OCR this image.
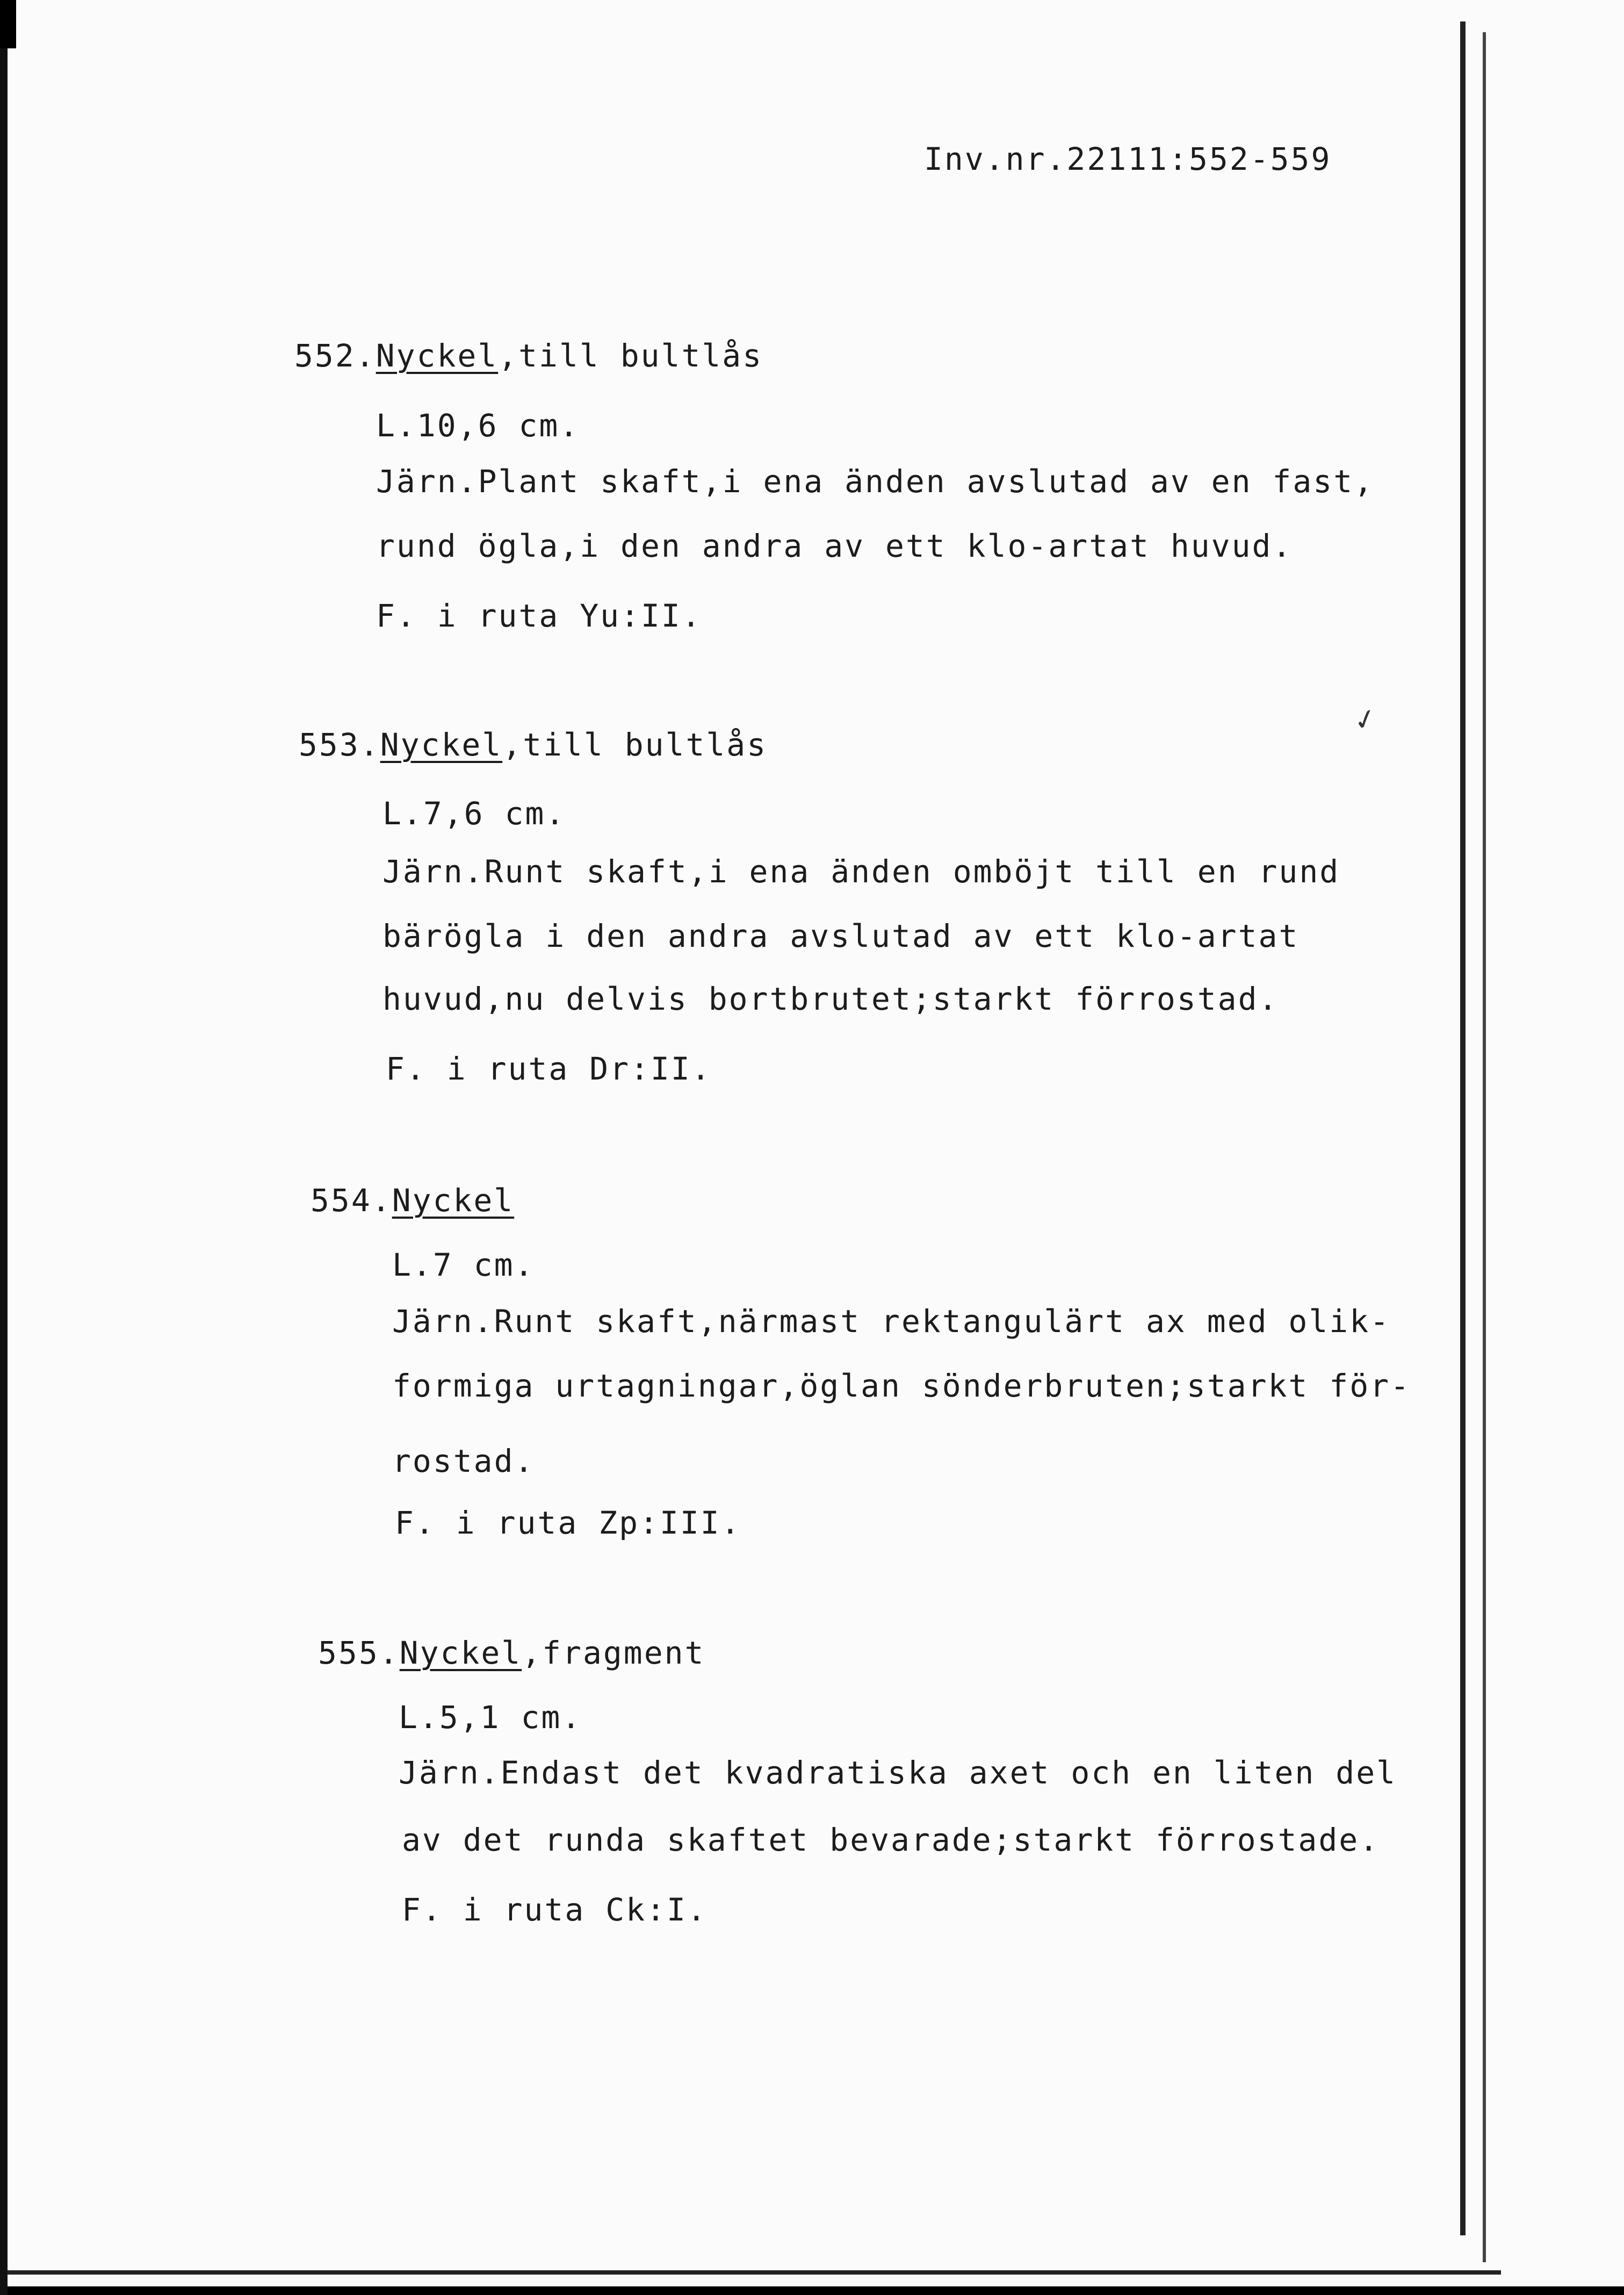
Inv.nr.22111:552-559
552.Nyckel,till bultlås
L.10,6 cm.
Järn.Plant skaft,i ena änden avslutad av en fast,
rund ögla,i den andra av ett klo-artat huvud.
F. i ruta Yu:II.
✓
553.Nyckel,till bultlås
L.7,6 cm.
Järn.Runt skaft,i ena änden omböjt till en rund
bärögla i den andra avslutad av ett klo-artat
huvud,nu delvis bortbrutet;starkt förrostad.
F. i ruta Dr:II.
554.Nyckel
L.7 cm.
Järn.Runt skaft,närmast rektangulärt ax med olik-
formiga urtagningar,öglan sönderbruten;starkt för-
rostad.
F. i ruta Zp:III.
555.Nyckel,fragment
L.5,1 cm.
Järn.Endast det kvadratiska axet och en liten del
av det runda skaftet bevarade;starkt förrostade.
F. i ruta Ck:I.
